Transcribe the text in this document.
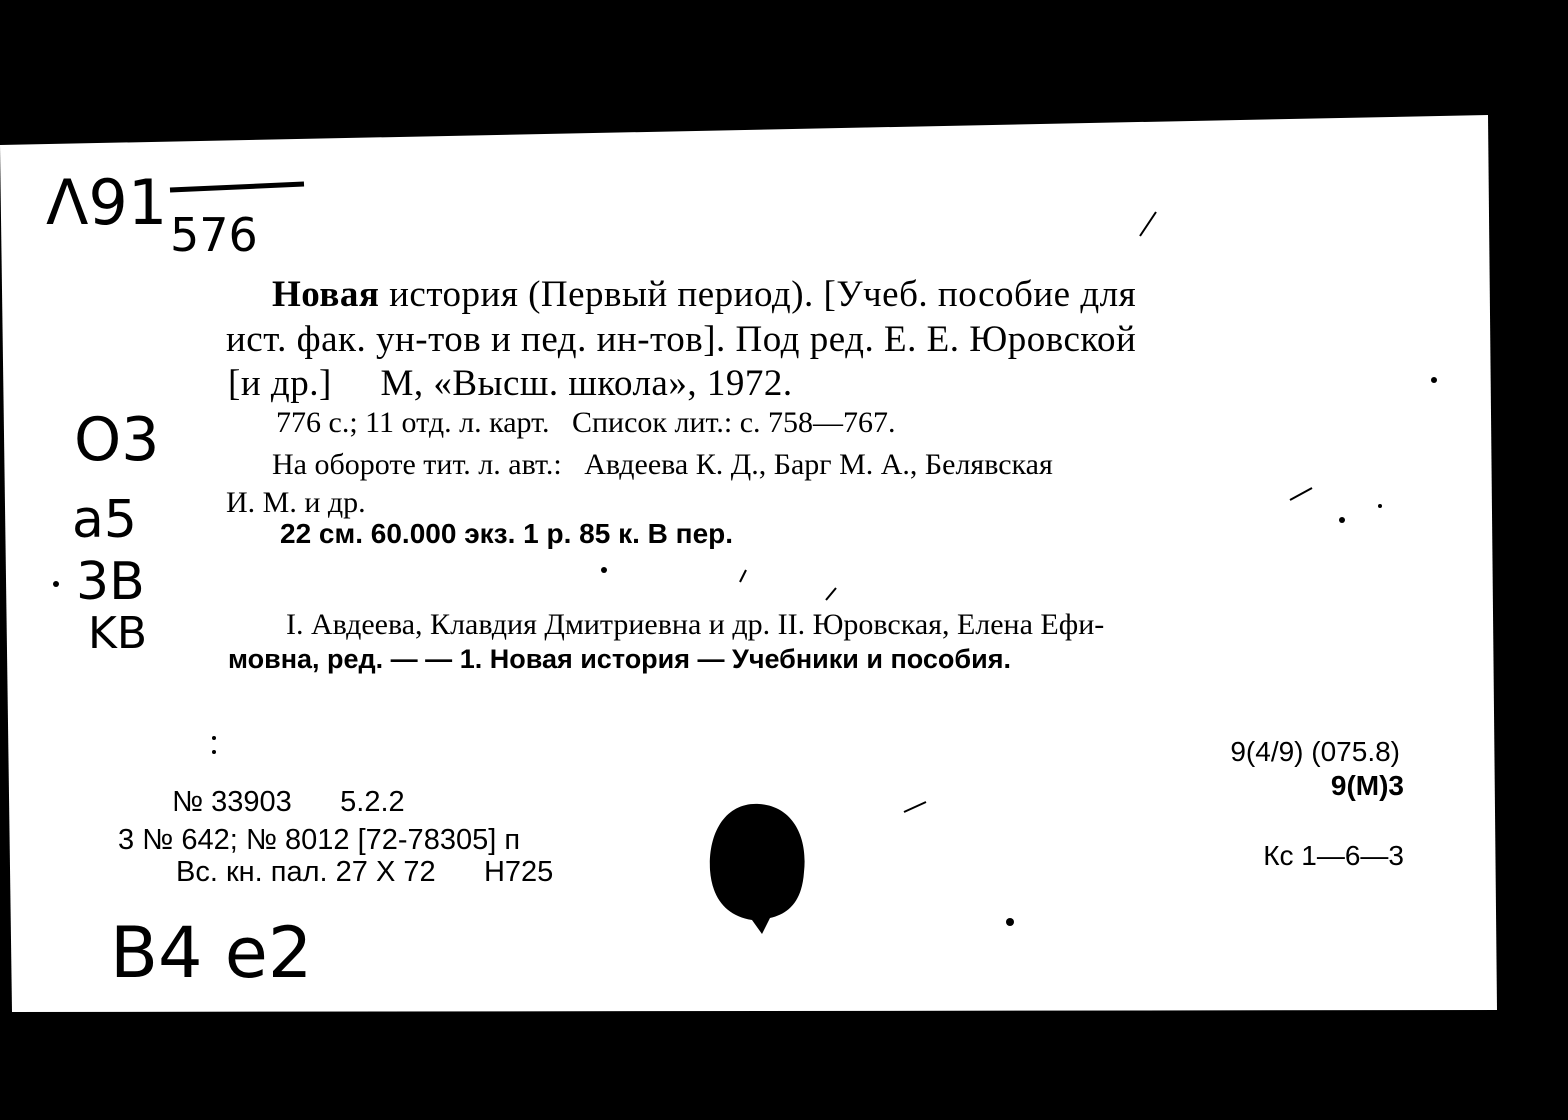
Λ91 576
O3
a5
3B
KB
B4 e2
Новая история (Первый период). [Учеб. пособие для
ист. фак. ун-тов и пед. ин-тов]. Под ред. Е. Е. Юровской
[и др.]     М, «Высш. школа», 1972.
776 с.; 11 отд. л. карт.   Список лит.: с. 758—767.
На обороте тит. л. авт.:   Авдеева К. Д., Барг М. А., Белявская
И. М. и др.
22 см. 60.000 экз. 1 р. 85 к. В пер.
I. Авдеева, Клавдия Дмитриевна и др. II. Юровская, Елена Ефи-
мовна, ред. — — 1. Новая история — Учебники и пособия.
9(4/9) (075.8)
9(М)3
Кс 1—6—3
№ 33903      5.2.2
3 № 642; № 8012 [72-78305] п
Вс. кн. пал. 27 X 72      Н725
